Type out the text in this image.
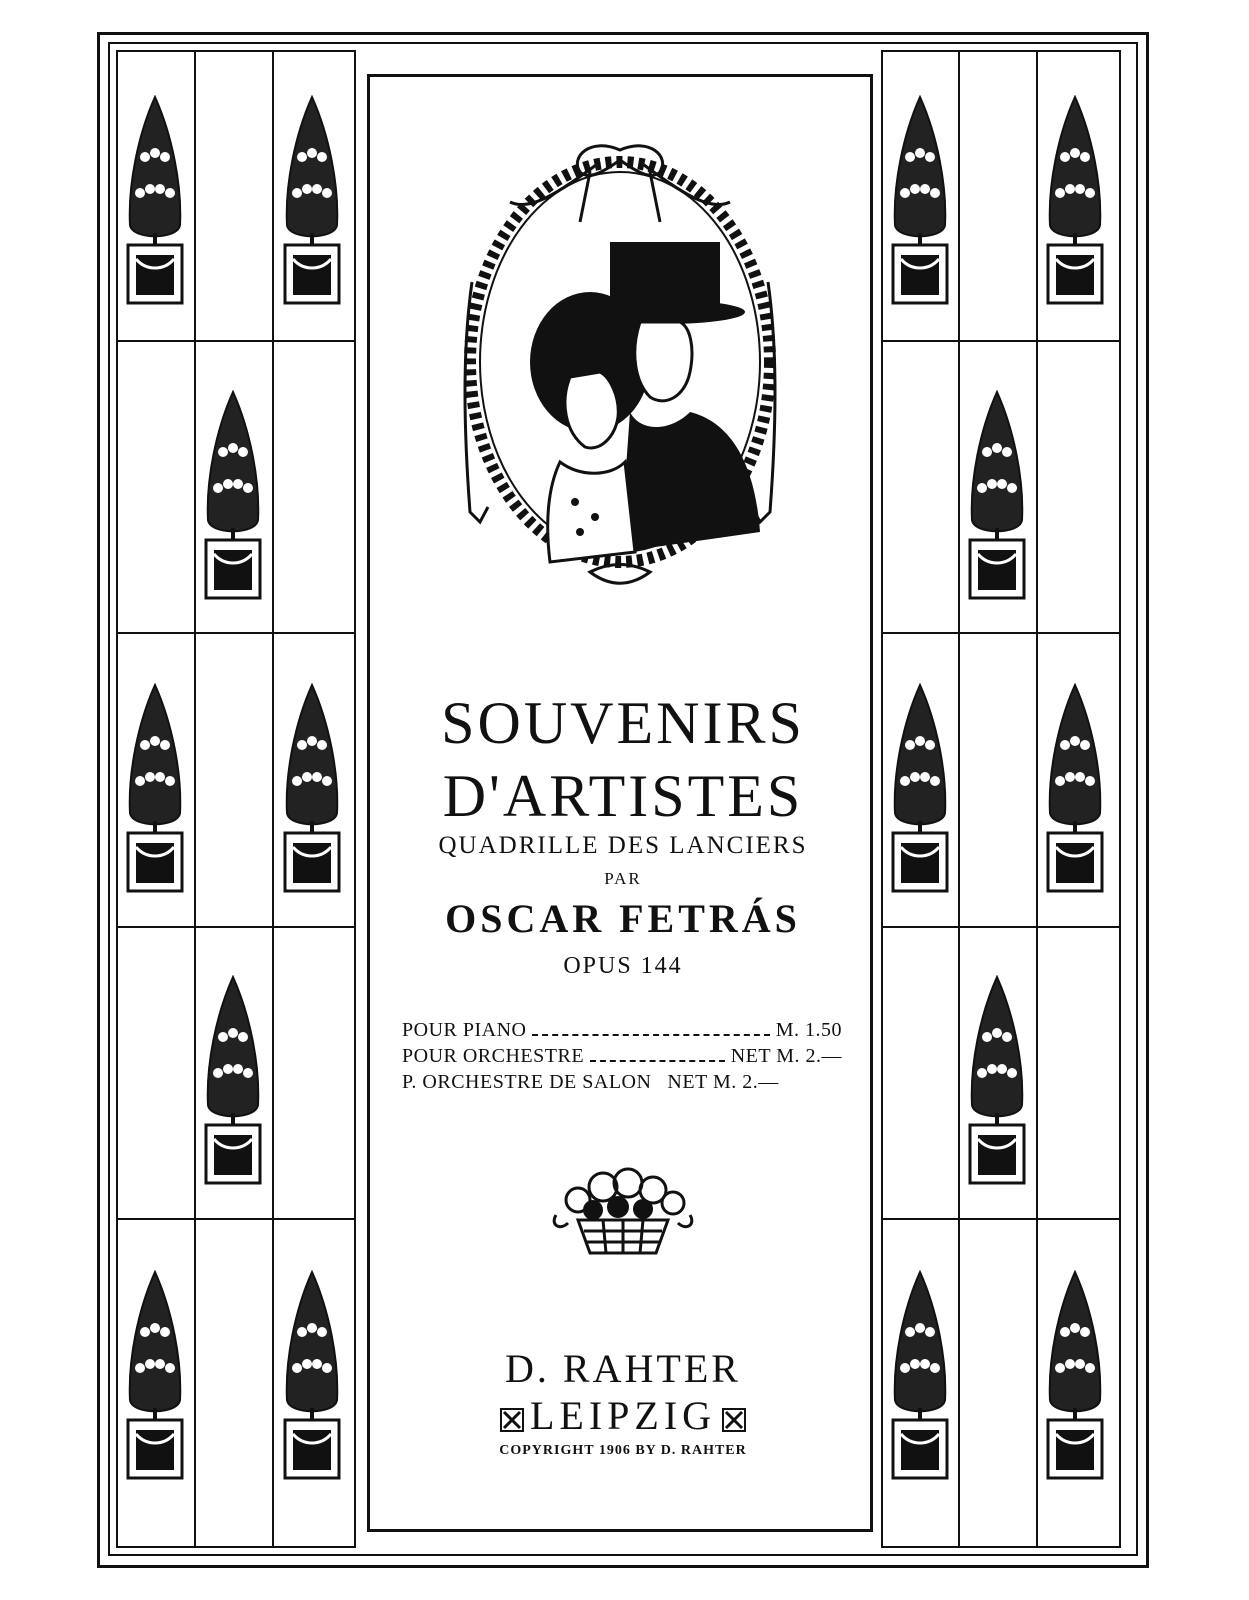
SOUVENIRS
D'ARTISTES
QUADRILLE DES LANCIERS
PAR
OSCAR FETRÁS
OPUS 144
POUR PIANO	M. 1.50
POUR ORCHESTRE	NET M. 2.—
P. ORCHESTRE DE SALON NET M. 2.—
D. RAHTER
LEIPZIG
COPYRIGHT 1906 BY D. RAHTER
